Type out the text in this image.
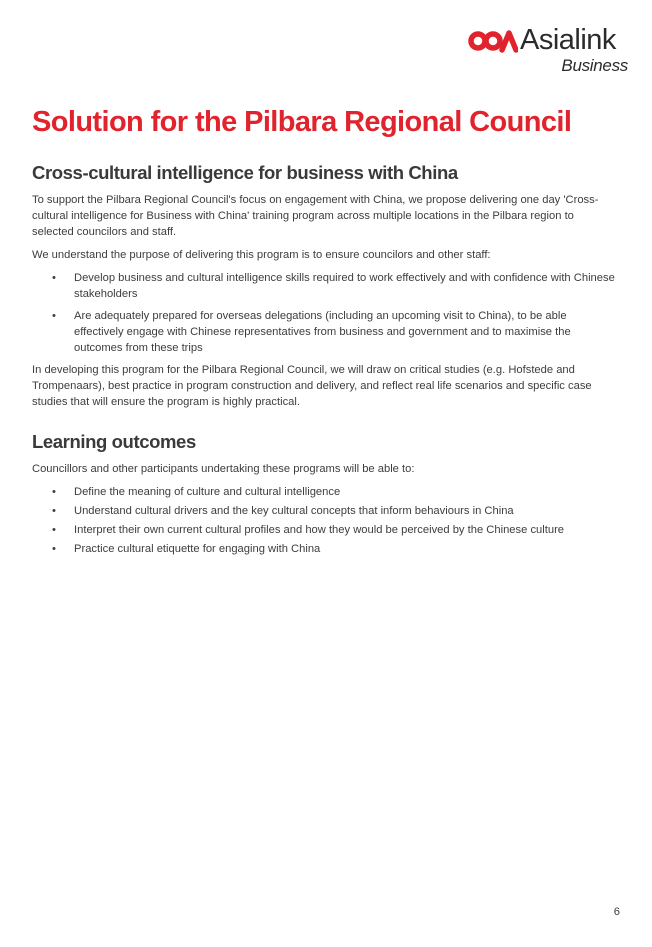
Asialink
Business
Solution for the Pilbara Regional Council
Cross-cultural intelligence for business with China

To support the Pilbara Regional Council's focus on engagement with China, we propose delivering one day 'Cross-cultural intelligence for Business with China' training program across multiple locations in the Pilbara region to selected councilors and staff.

We understand the purpose of delivering this program is to ensure councilors and other staff:

• Develop business and cultural intelligence skills required to work effectively and with confidence with Chinese stakeholders
• Are adequately prepared for overseas delegations (including an upcoming visit to China), to be able effectively engage with Chinese representatives from business and government and to maximise the outcomes from these trips

In developing this program for the Pilbara Regional Council, we will draw on critical studies (e.g. Hofstede and Trompenaars), best practice in program construction and delivery, and reflect real life scenarios and specific case studies that will ensure the program is highly practical.

Learning outcomes

Councillors and other participants undertaking these programs will be able to:

• Define the meaning of culture and cultural intelligence
• Understand cultural drivers and the key cultural concepts that inform behaviours in China
• Interpret their own current cultural profiles and how they would be perceived by the Chinese culture
• Practice cultural etiquette for engaging with China
6
